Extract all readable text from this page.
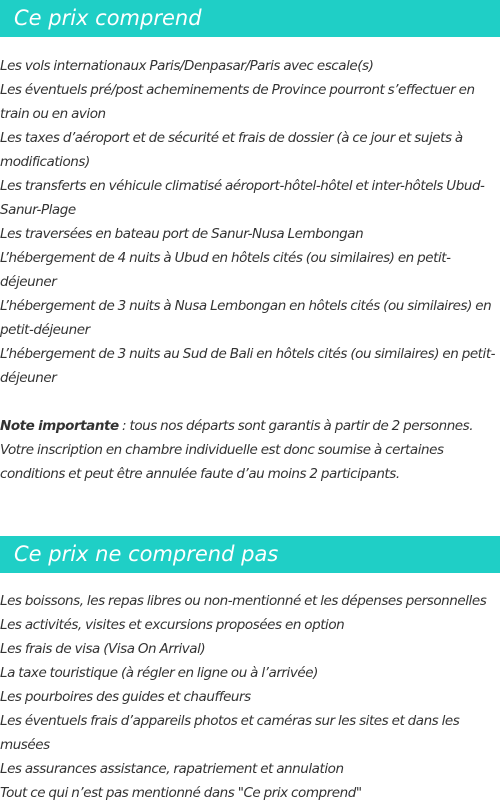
Ce prix comprend
Les vols internationaux Paris/Denpasar/Paris avec escale(s)
Les éventuels pré/post acheminements de Province pourront s’effectuer en train ou en avion
Les taxes d’aéroport et de sécurité et frais de dossier (à ce jour et sujets à modifications)
Les transferts en véhicule climatisé aéroport-hôtel-hôtel et inter-hôtels Ubud-Sanur-Plage
Les traversées en bateau port de Sanur-Nusa Lembongan
L’hébergement de 4 nuits à Ubud en hôtels cités (ou similaires) en petit-déjeuner
L’hébergement de 3 nuits à Nusa Lembongan en hôtels cités (ou similaires) en petit-déjeuner
L’hébergement de 3 nuits au Sud de Bali en hôtels cités (ou similaires) en petit-déjeuner

Note importante : tous nos départs sont garantis à partir de 2 personnes. Votre inscription en chambre individuelle est donc soumise à certaines conditions et peut être annulée faute d’au moins 2 participants.

Ce prix ne comprend pas
Les boissons, les repas libres ou non-mentionné et les dépenses personnelles
Les activités, visites et excursions proposées en option
Les frais de visa (Visa On Arrival)
La taxe touristique (à régler en ligne ou à l’arrivée)
Les pourboires des guides et chauffeurs
Les éventuels frais d’appareils photos et caméras sur les sites et dans les musées
Les assurances assistance, rapatriement et annulation
Tout ce qui n’est pas mentionné dans "Ce prix comprend"
